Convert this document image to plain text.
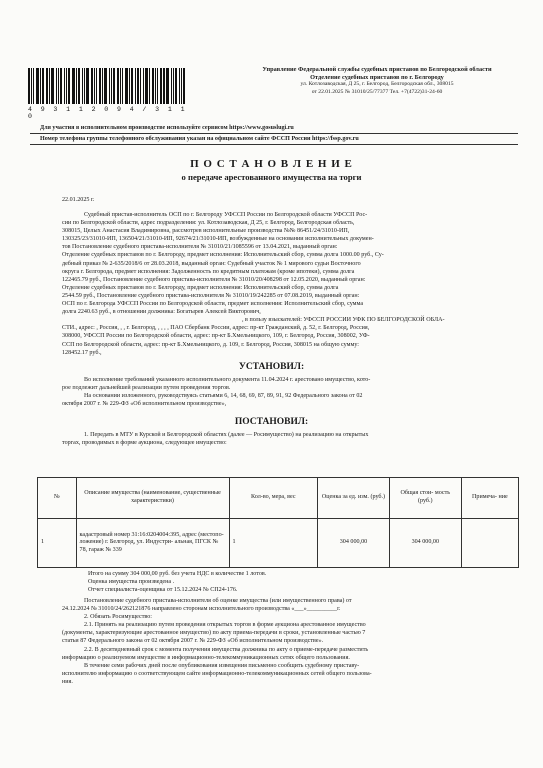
4 9 3 1 1 2 0 9 4 / 3 1 1 0
Управление Федеральной службы судебных приставов по Белгородской области
Отделение судебных приставов по г. Белгороду
ул. Котлозаводская, Д 25, г. Белгород, Белгородская обл., 308015
от 22.01.2025 № 31010/25/77377 Тел. +7(4722)31-24-60
Для участия в исполнительном производстве используйте сервисом https://www.gosuslugi.ru
Номер телефона группы телефонного обслуживания указан на официальном сайте ФССП России https://fssp.gov.ru
П О С Т А Н О В Л Е Н И Е
о передаче арестованного имущества на торги
22.01.2025 г.
Судебный пристав-исполнитель ОСП по г. Белгороду УФССП России по Белгородской области УФССП Рос-
сии по Белгородской области, адрес подразделения: ул. Котлозаводская, Д 25, г. Белгород, Белгородская область,
308015, Целых Анастасия Владимировна, рассмотрев исполнительные производства №№ 86451/24/31010-ИП,
130325/23/31010-ИП, 136504/21/31010-ИП, 92674/21/31010-ИП, возбужденные на основании исполнительных докумен-
тов Постановление судебного пристава-исполнителя № 31010/21/1085596 от 13.04.2021, выданный орган:
Отделение судебных приставов по г. Белгороду, предмет исполнения: Исполнительский сбор, сумма долга 1000.00 руб., Су-
дебный приказ № 2-635/2018/6 от 28.03.2018, выданный орган: Судебный участок № 1 мирового судьи Восточного
округа г. Белгорода, предмет исполнения: Задолженность по кредитным платежам (кроме ипотеки), сумма долга
122465.79 руб., Постановление судебного пристава-исполнителя № 31010/20/408298 от 12.05.2020, выданный орган:
Отделение судебных приставов по г. Белгороду, предмет исполнения: Исполнительский сбор, сумма долга
2544.59 руб., Постановление судебного пристава-исполнителя № 31010/19/242285 от 07.08.2019, выданный орган:
ОСП по г. Белгорода УФССП России по Белгородской области, предмет исполнения: Исполнительский сбор, сумма
долга 2240.63 руб., в отношении должника: Богатырев Алексей Викторович,
, в пользу взыскателей: УФССП РОССИИ УФК ПО БЕЛГОРОДСКОЙ ОБЛА-
СТИ., адрес: , Россия, , , г. Белгород, , , , , ПАО Сбербанк России, адрес: пр-кт Гражданский, д. 52, г. Белгород, Россия,
308000, УФССП России по Белгородской области, адрес: пр-кт Б.Хмельницкого, 109, г. Белгород, Россия, 308002, УФ-
ССП по Белгородской области, адрес: пр-кт Б.Хмельницкого, д. 109, г. Белгород, Россия, 308015 на общую сумму:
128452.17 руб.,
УСТАНОВИЛ:
Во исполнение требований указанного исполнительного документа 11.04.2024 г. арестовано имущество, кото-
рое подлежит дальнейшей реализации путем проведения торгов.
На основании изложенного, руководствуясь статьями 6, 14, 68, 69, 87, 89, 91, 92 Федерального закона от 02
октября 2007 г. № 229-ФЗ «Об исполнительном производстве»,
ПОСТАНОВИЛ:
1. Передать в МТУ в Курской и Белгородской областях (далее — Росимущество) на реализацию на открытых
торгах, проводимых в форме аукциона, следующее имущество:
№	Описание имущества (наименование, существенные характеристики)	Кол-во, мера, вес	Оценка за ед. изм. (руб.)	Общая стои- мость (руб.)	Примеча- ние
1	кадастровый номер 31:16:0204004:395, адрес (местопо- ложение) г. Белгород, ул. Индустри- альная, ПГСК № 78, гараж № 339	1	304 000,00	304 000,00	
Итого на сумму 304 000,00 руб. без учета НДС в количестве 1 лотов.
Оценка имущества произведена .
Отчет специалиста-оценщика от 15.12.2024 № СП24-176.
Постановление судебного пристава-исполнителя об оценке имущества (или имущественного права) от
24.12.2024 № 31010/24/262121876 направлено сторонам исполнительного производства «___»__________г.
2. Обязать Росимущество:
2.1. Принять на реализацию путем проведения открытых торгов в форме аукциона арестованное имущество
(документы, характеризующие арестованное имущество) по акту приема-передачи в сроки, установленные частью 7
статьи 87 Федерального закона от 02 октября 2007 г. № 229-ФЗ «Об исполнительном производстве».
2.2. В десятидневный срок с момента получения имущества должника по акту о приеме-передаче разместить
информацию о реализуемом имуществе в информационно-телекоммуникационных сетях общего пользования.
В течение семи рабочих дней после опубликования извещения письменно сообщить судебному приставу-
исполнителю информацию о соответствующем сайте информационно-телекоммуникационных сетей общего пользова-
ния.
